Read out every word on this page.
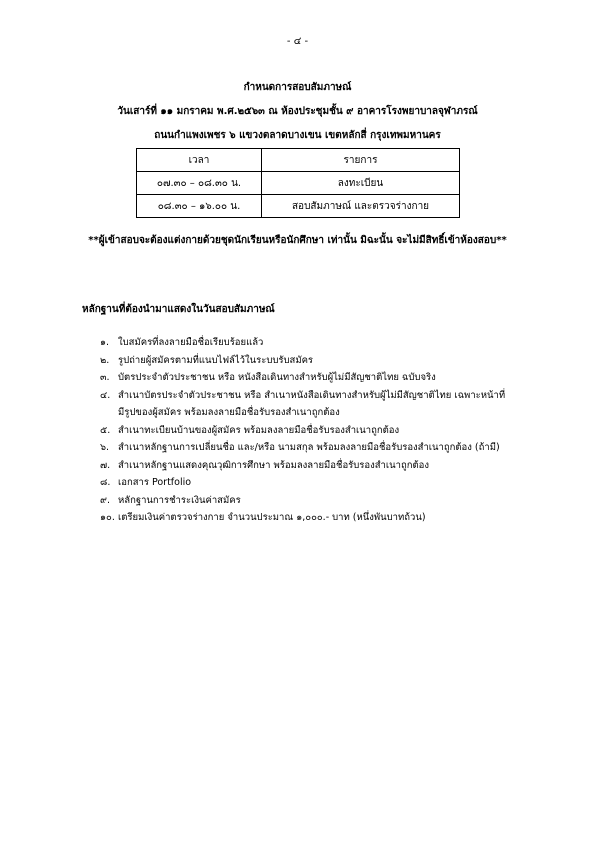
- ๔ -
กำหนดการสอบสัมภาษณ์
วันเสาร์ที่ ๑๑ มกราคม พ.ศ.๒๕๖๓ ณ ห้องประชุมชั้น ๙ อาคารโรงพยาบาลจุฬาภรณ์
ถนนกำแพงเพชร ๖ แขวงตลาดบางเขน เขตหลักสี่ กรุงเทพมหานคร
เวลา	รายการ
๐๗.๓๐ – ๐๘.๓๐ น.	ลงทะเบียน
๐๘.๓๐ – ๑๖.๐๐ น.	สอบสัมภาษณ์ และตรวจร่างกาย
**ผู้เข้าสอบจะต้องแต่งกายด้วยชุดนักเรียนหรือนักศึกษา เท่านั้น มิฉะนั้น จะไม่มีสิทธิ์เข้าห้องสอบ**
หลักฐานที่ต้องนำมาแสดงในวันสอบสัมภาษณ์
๑. ใบสมัครที่ลงลายมือชื่อเรียบร้อยแล้ว
๒. รูปถ่ายผู้สมัครตามที่แนบไฟล์ไว้ในระบบรับสมัคร
๓. บัตรประจำตัวประชาชน หรือ หนังสือเดินทางสำหรับผู้ไม่มีสัญชาติไทย ฉบับจริง
๔. สำเนาบัตรประจำตัวประชาชน หรือ สำเนาหนังสือเดินทางสำหรับผู้ไม่มีสัญชาติไทย เฉพาะหน้าที่
มีรูปของผู้สมัคร พร้อมลงลายมือชื่อรับรองสำเนาถูกต้อง
๕. สำเนาทะเบียนบ้านของผู้สมัคร พร้อมลงลายมือชื่อรับรองสำเนาถูกต้อง
๖. สำเนาหลักฐานการเปลี่ยนชื่อ และ/หรือ นามสกุล พร้อมลงลายมือชื่อรับรองสำเนาถูกต้อง (ถ้ามี)
๗. สำเนาหลักฐานแสดงคุณวุฒิการศึกษา พร้อมลงลายมือชื่อรับรองสำเนาถูกต้อง
๘. เอกสาร Portfolio
๙. หลักฐานการชำระเงินค่าสมัคร
๑๐. เตรียมเงินค่าตรวจร่างกาย จำนวนประมาณ ๑,๐๐๐.- บาท (หนึ่งพันบาทถ้วน)
